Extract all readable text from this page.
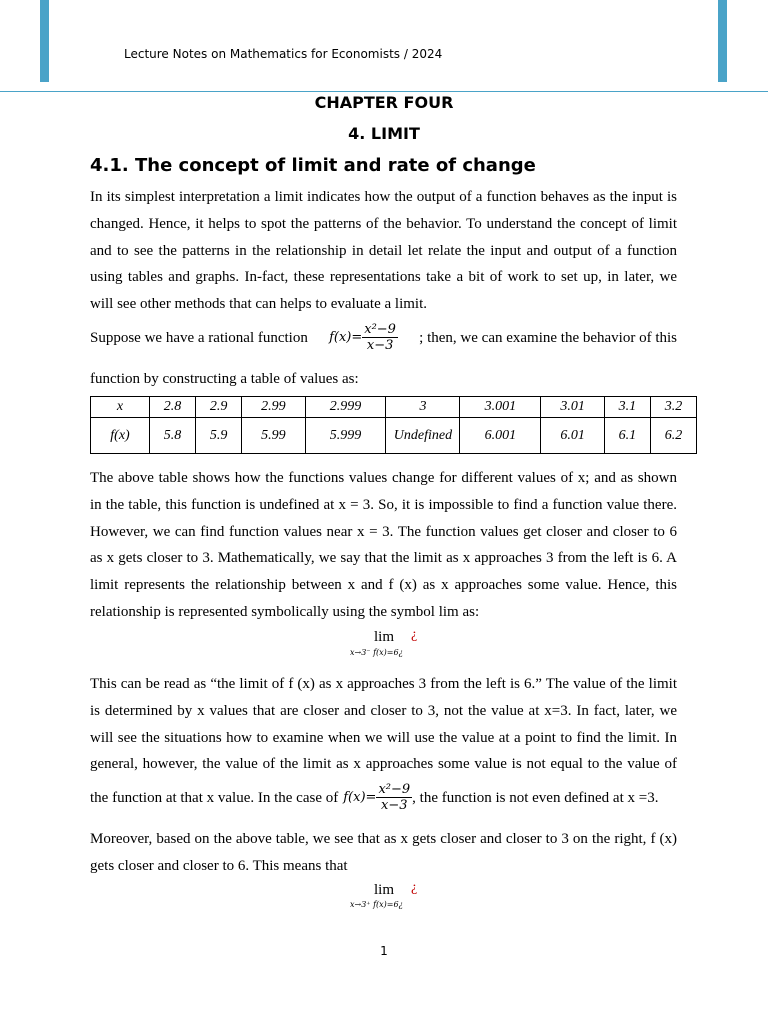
Lecture Notes on Mathematics for Economists / 2024
CHAPTER FOUR
4. LIMIT
4.1. The concept of limit and rate of change

In its simplest interpretation a limit indicates how the output of a function behaves as the input is
changed. Hence, it helps to spot the patterns of the behavior. To understand the concept of limit
and to see the patterns in the relationship in detail let relate the input and output of a function
using tables and graphs. In-fact, these representations take a bit of work to set up, in later, we
will see other methods that can helps to evaluate a limit.

Suppose we have a rational function $f(x)= \frac{\text{x²−9}}{x-3}$ ; then, we can examine the behavior of this
function by constructing a table of values as:
x	2.8	2.9	2.99	2.999	3	3.001	3.01	3.1	3.2
f(x)	5.8	5.9	5.99	5.999	Undefined	6.001	6.01	6.1	6.2

The above table shows how the functions values change for different values of x; and as shown
in the table, this function is undefined at x = 3. So, it is impossible to find a function value there.
However, we can find function values near x = 3. The function values get closer and closer to 6
as x gets closer to 3. Mathematically, we say that the limit as x approaches 3 from the left is 6. A
limit represents the relationship between x and f (x) as x approaches some value. Hence, this
relationship is represented symbolically using the symbol lim as:

lim
x→3⁻ f(x)=6¿
¿

This can be read as “the limit of f (x) as x approaches 3 from the left is 6.” The value of the limit
is determined by x values that are closer and closer to 3, not the value at x=3. In fact, later, we
will see the situations how to examine when we will use the value at a point to find the limit. In
general, however, the value of the limit as x approaches some value is not equal to the value of

the function at that x value. In the case of $f(x)= \frac{\text{x²−9}}{x-3}$ , the function is not even defined at x =3.

Moreover, based on the above table, we see that as x gets closer and closer to 3 on the right, f (x)
gets closer and closer to 6. This means that

lim
x→3⁺ f(x)=6¿
¿
1
